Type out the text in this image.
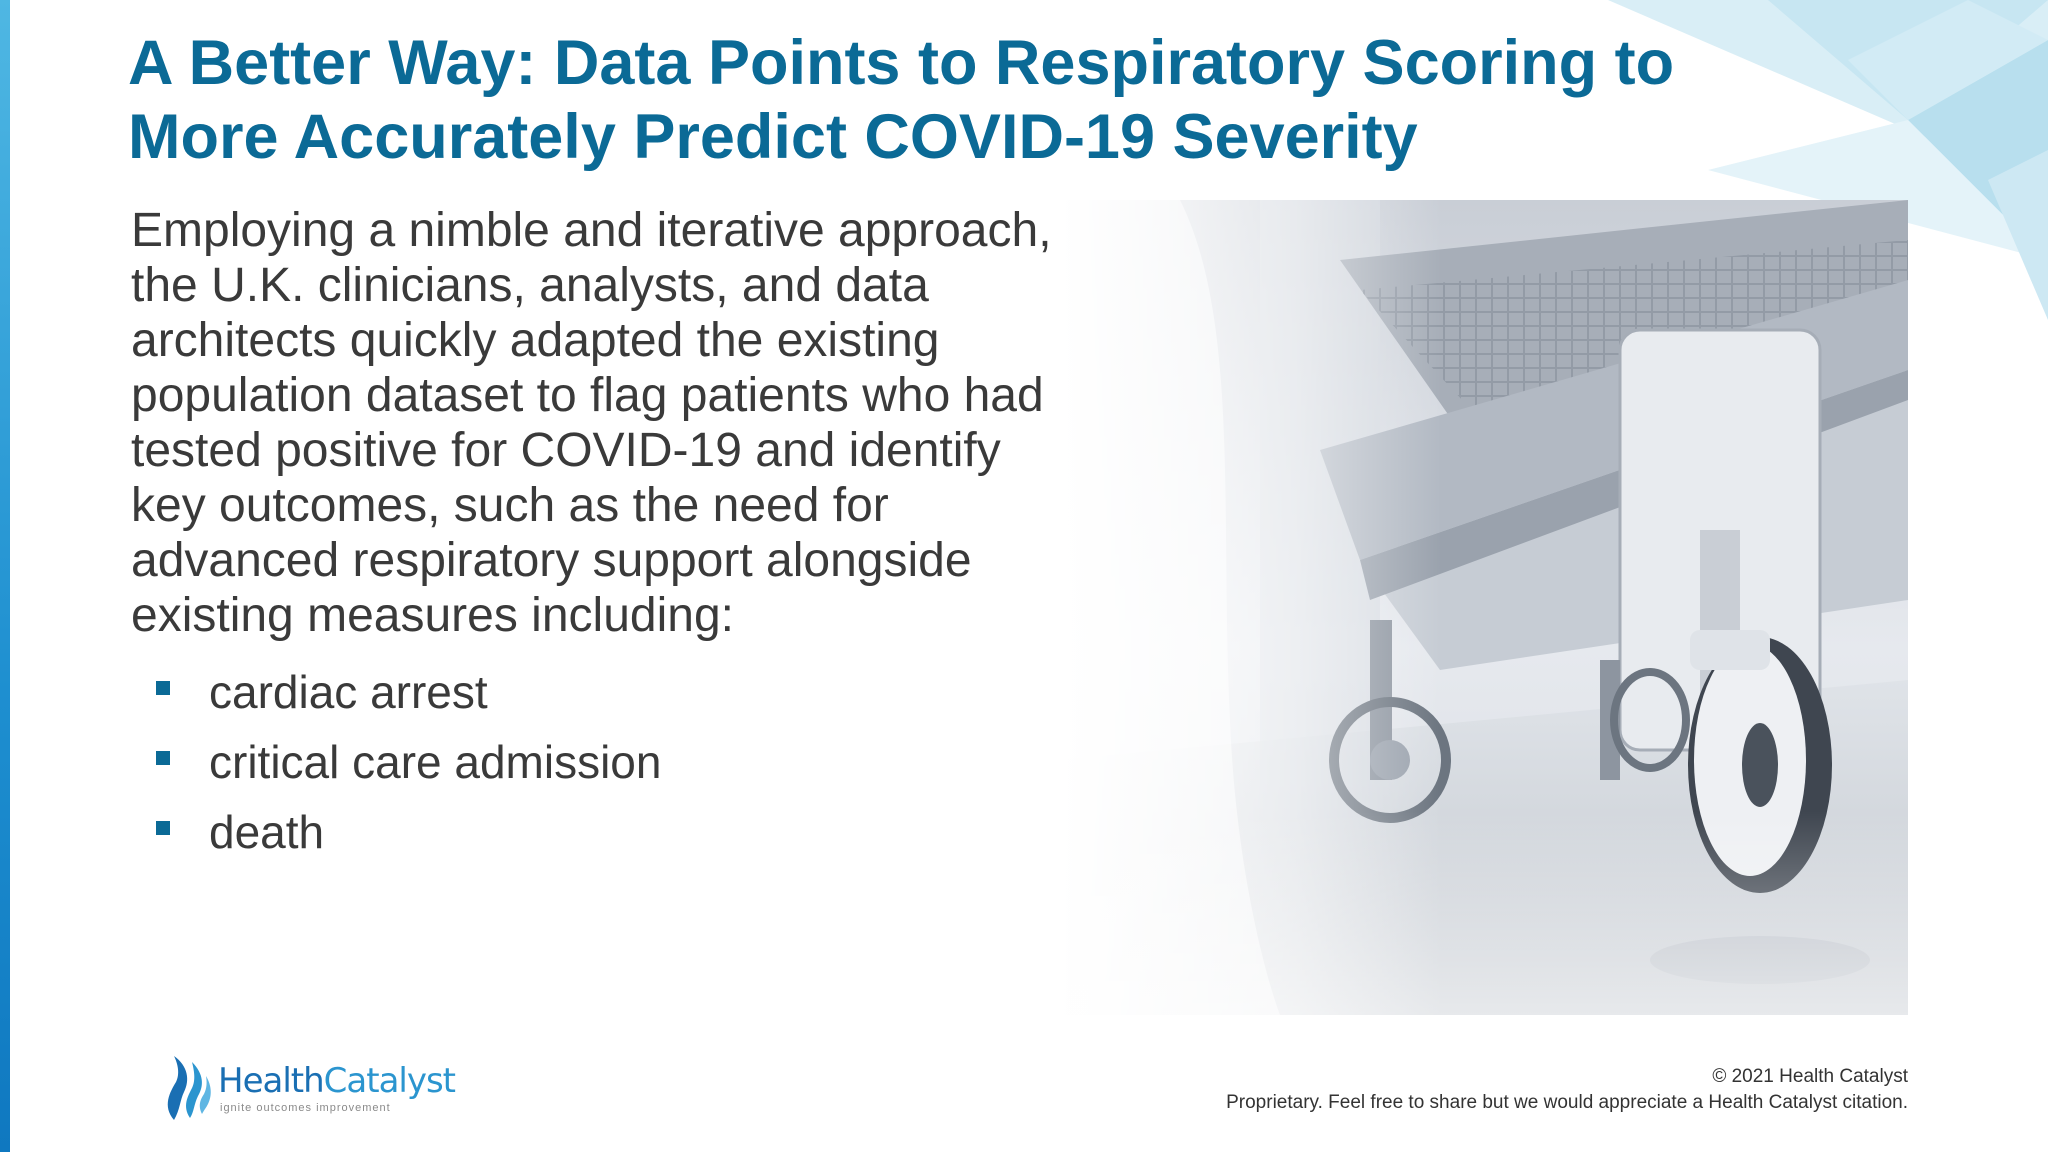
A Better Way: Data Points to Respiratory Scoring to
More Accurately Predict COVID-19 Severity
Employing a nimble and iterative approach,
the U.K. clinicians, analysts, and data
architects quickly adapted the existing
population dataset to flag patients who had
tested positive for COVID-19 and identify
key outcomes, such as the need for
advanced respiratory support alongside
existing measures including:
cardiac arrest
critical care admission
death
HealthCatalyst
ignite outcomes improvement
© 2021 Health Catalyst
Proprietary. Feel free to share but we would appreciate a Health Catalyst citation.
